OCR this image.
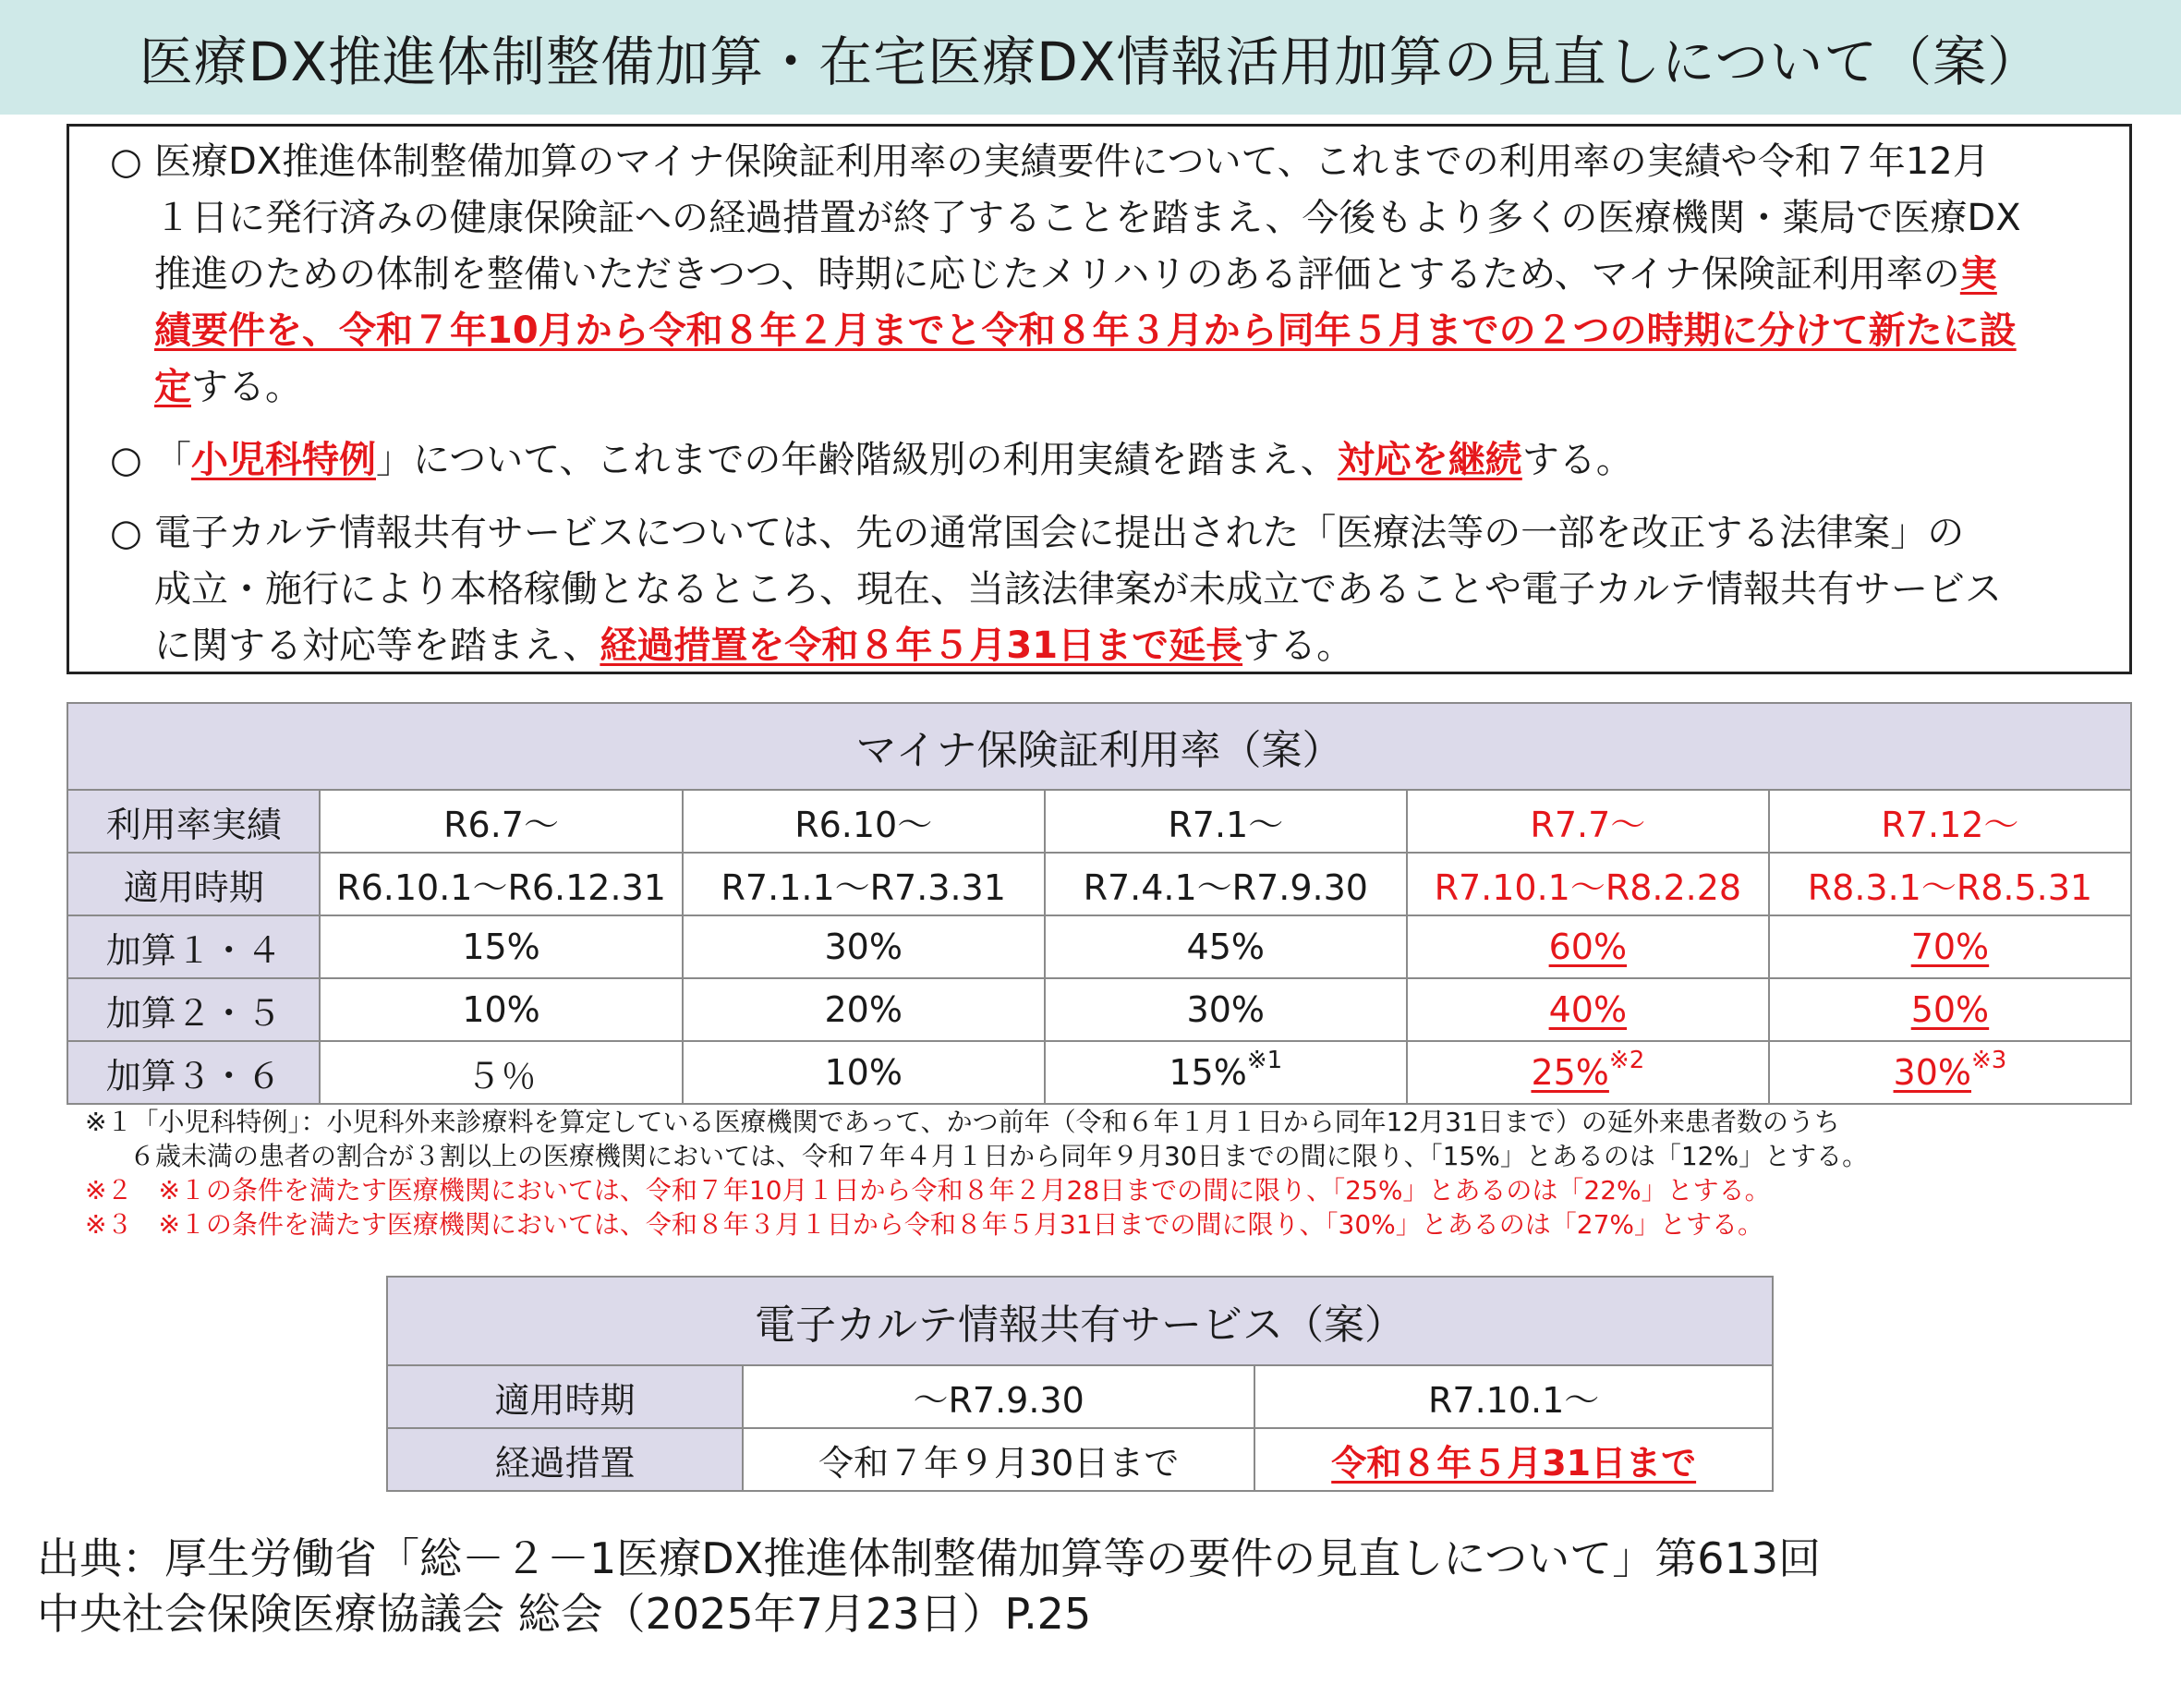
医療DX推進体制整備加算・在宅医療DX情報活用加算の見直しについて（案）
○ 医療DX推進体制整備加算のマイナ保険証利用率の実績要件について、これまでの利用率の実績や令和７年12月
１日に発行済みの健康保険証への経過措置が終了することを踏まえ、今後もより多くの医療機関・薬局で医療DX
推進のための体制を整備いただきつつ、時期に応じたメリハリのある評価とするため、マイナ保険証利用率の実
績要件を、令和７年10月から令和８年２月までと令和８年３月から同年５月までの２つの時期に分けて新たに設
定する。
○ 「小児科特例」について、これまでの年齢階級別の利用実績を踏まえ、対応を継続する。
○ 電子カルテ情報共有サービスについては、先の通常国会に提出された「医療法等の一部を改正する法律案」の
成立・施行により本格稼働となるところ、現在、当該法律案が未成立であることや電子カルテ情報共有サービス
に関する対応等を踏まえ、経過措置を令和８年５月31日まで延長する。
マイナ保険証利用率（案）					
利用率実績	R6.7～	R6.10～	R7.1～	R7.7～	R7.12～
適用時期	R6.10.1～R6.12.31	R7.1.1～R7.3.31	R7.4.1～R7.9.30	R7.10.1～R8.2.28	R8.3.1～R8.5.31
加算１・４	15%	30%	45%	60%	70%
加算２・５	10%	20%	30%	40%	50%
加算３・６	５％	10%	15%$^{※1}$	25%$^{※2}$	30%$^{※3}$
※１「小児科特例」：小児科外来診療料を算定している医療機関であって、かつ前年（令和６年１月１日から同年12月31日まで）の延外来患者数のうち
６歳未満の患者の割合が３割以上の医療機関においては、令和７年４月１日から同年９月30日までの間に限り、「15%」とあるのは「12%」とする。
※２　※１の条件を満たす医療機関においては、令和７年10月１日から令和８年２月28日までの間に限り、「25%」とあるのは「22%」とする。
※３　※１の条件を満たす医療機関においては、令和８年３月１日から令和８年５月31日までの間に限り、「30%」とあるのは「27%」とする。
電子カルテ情報共有サービス（案）		
適用時期	～R7.9.30	R7.10.1～
経過措置	令和７年９月30日まで	令和８年５月31日まで
出典：厚生労働省「総－２－1医療DX推進体制整備加算等の要件の見直しについて」第613回
中央社会保険医療協議会 総会（2025年7月23日）P.25
